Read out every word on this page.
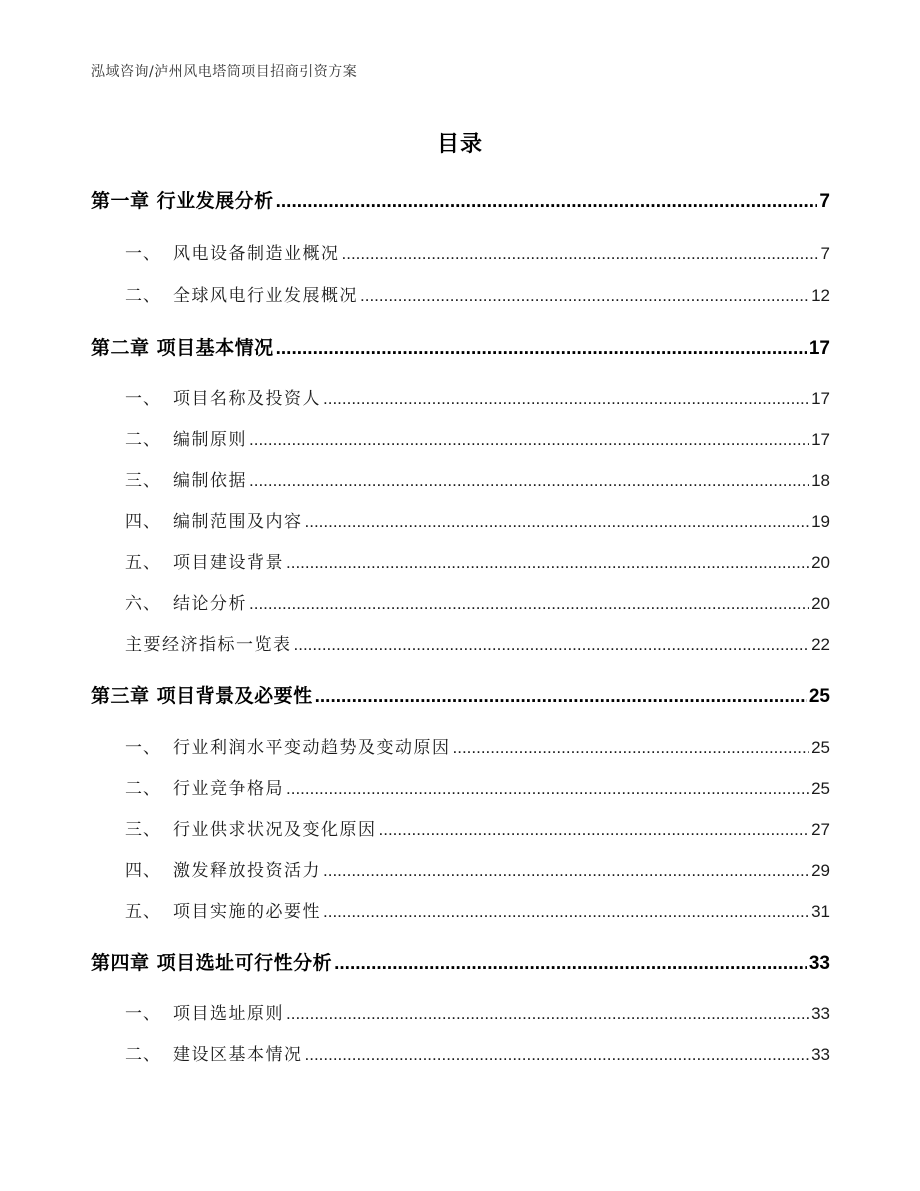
泓域咨询/泸州风电塔筒项目招商引资方案
目录
第一章 行业发展分析 .....	7
一、 风电设备制造业概况 .....	7
二、 全球风电行业发展概况 .....	12
第二章 项目基本情况 .....	17
一、 项目名称及投资人 .....	17
二、 编制原则 .....	17
三、 编制依据 .....	18
四、 编制范围及内容 .....	19
五、 项目建设背景 .....	20
六、 结论分析 .....	20
主要经济指标一览表 .....	22
第三章 项目背景及必要性 .....	25
一、 行业利润水平变动趋势及变动原因 .....	25
二、 行业竞争格局 .....	25
三、 行业供求状况及变化原因 .....	27
四、 激发释放投资活力 .....	29
五、 项目实施的必要性 .....	31
第四章 项目选址可行性分析 .....	33
一、 项目选址原则 .....	33
二、 建设区基本情况 .....	33
